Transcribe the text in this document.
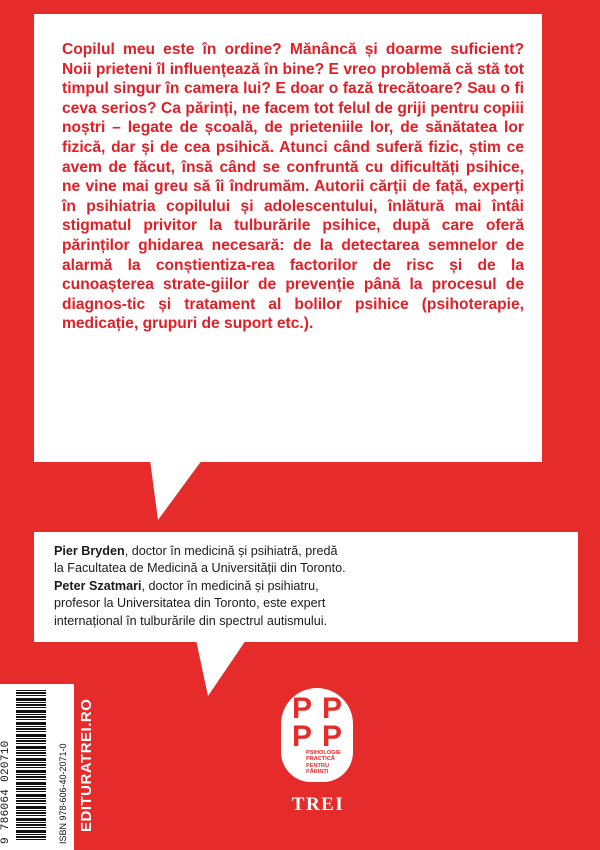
Copilul meu este în ordine? Mănâncă și doarme suficient? Noii prieteni îl influențează în bine? E vreo problemă că stă tot timpul singur în camera lui? E doar o fază trecătoare? Sau o fi ceva serios? Ca părinți, ne facem tot felul de griji pentru copiii noștri – legate de școală, de prieteniile lor, de sănătatea lor fizică, dar și de cea psihică. Atunci când suferă fizic, știm ce avem de făcut, însă când se confruntă cu dificultăți psihice, ne vine mai greu să îi îndrumăm. Autorii cărții de față, experți în psihiatria copilului și adolescentului, înlătură mai întâi stigmatul privitor la tulburările psihice, după care oferă părinților ghidarea necesară: de la detectarea semnelor de alarmă la conștientiza-rea factorilor de risc și de la cunoașterea strate-giilor de prevenție până la procesul de diagnos-tic și tratament al bolilor psihice (psihoterapie, medicație, grupuri de suport etc.).

Pier Bryden, doctor în medicină și psihiatră, predă
la Facultatea de Medicină a Universității din Toronto.
Peter Szatmari, doctor în medicină și psihiatru,
profesor la Universitatea din Toronto, este expert
internațional în tulburările din spectrul autismului.
9 786064 020710	ISBN 978-606-40-2071-0 EDITURATREI.RO	P P
P P
PSIHOLOGIE
PRACTICĂ
PENTRU
PĂRINȚI
TREI
